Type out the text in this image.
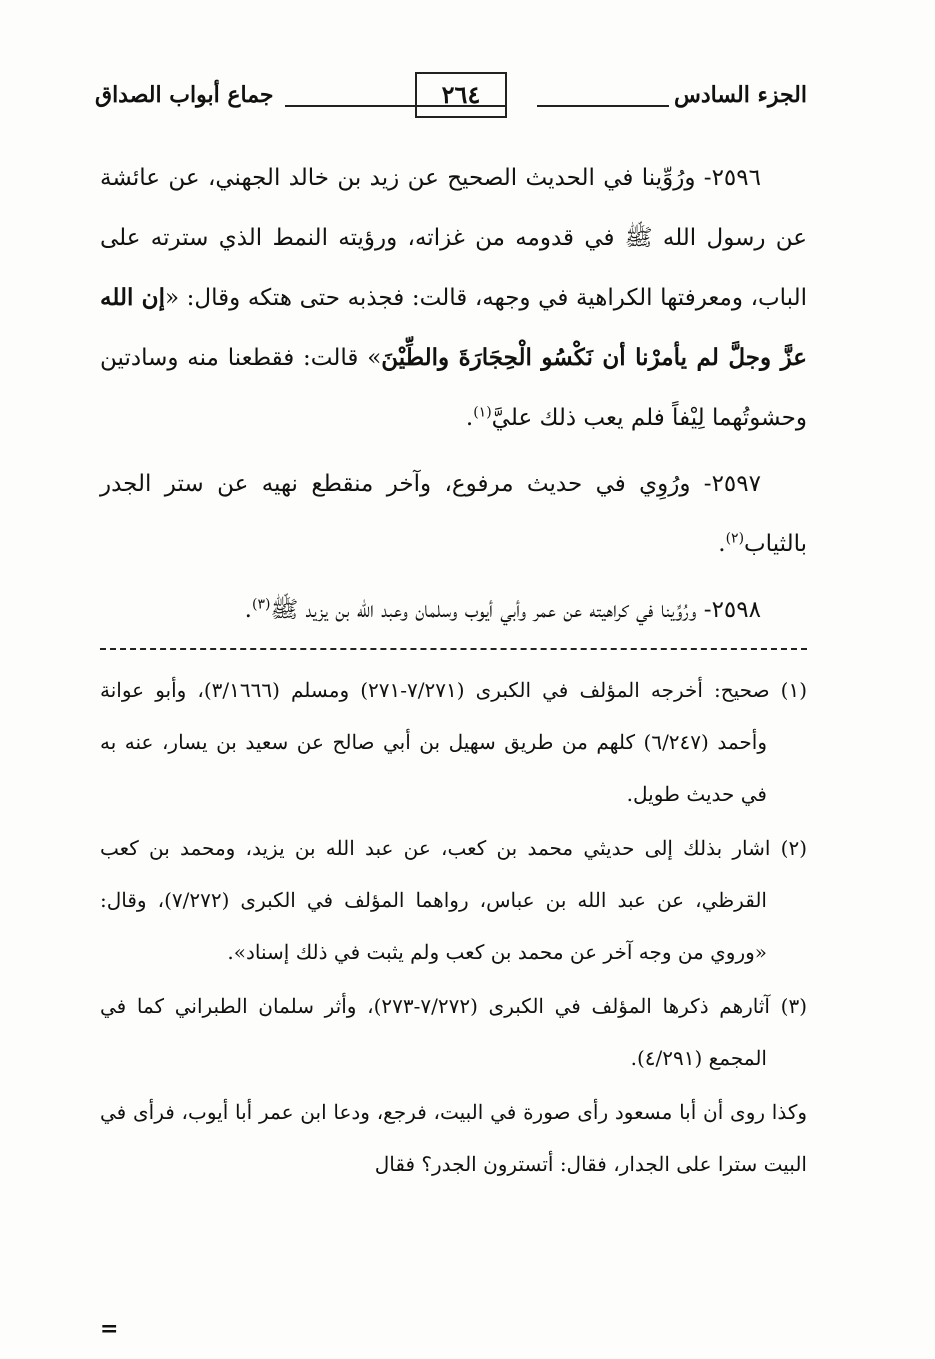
الجزء السادس
٢٦٤
جماع أبواب الصداق

٢٥٩٦- ورُوِّينا في الحديث الصحيح عن زيد بن خالد الجهني، عن عائشة عن رسول الله ﷺ في قدومه من غزاته، ورؤيته النمط الذي سترته على الباب، ومعرفتها الكراهية في وجهه، قالت: فجذبه حتى هتكه وقال: «إن الله عزَّ وجلَّ لم يأمرْنا أن نَكْسُو الْحِجَارَةَ والطِّيْنَ» قالت: فقطعنا منه وسادتين وحشوتُهما لِيْفاً فلم يعب ذلك عليَّ$^{(١)}$.

٢٥٩٧- ورُوِي في حديث مرفوع، وآخر منقطع نهيه عن ستر الجدر بالثياب$^{(٢)}$.

٢٥٩٨- ورُوِّينا في كراهيته عن عمر وأبي أيوب وسلمان وعبد الله بن يزيد ﷺ$^{(٣)}$.

(١) صحيح: أخرجه المؤلف في الكبرى (٧/٢٧١-٢٧١) ومسلم (٣/١٦٦٦)، وأبو عوانة وأحمد (٦/٢٤٧) كلهم من طريق سهيل بن أبي صالح عن سعيد بن يسار، عنه به في حديث طويل.

(٢) اشار بذلك إلى حديثي محمد بن كعب، عن عبد الله بن يزيد، ومحمد بن كعب القرظي، عن عبد الله بن عباس، رواهما المؤلف في الكبرى (٧/٢٧٢)، وقال: «وروي من وجه آخر عن محمد بن كعب ولم يثبت في ذلك إسناد».

(٣) آثارهم ذكرها المؤلف في الكبرى (٧/٢٧٢-٢٧٣)، وأثر سلمان الطبراني كما في المجمع (٤/٢٩١).

وكذا روى أن أبا مسعود رأى صورة في البيت، فرجع، ودعا ابن عمر أبا أيوب، فرأى في البيت سترا على الجدار، فقال: أتسترون الجدر؟ فقال

=
